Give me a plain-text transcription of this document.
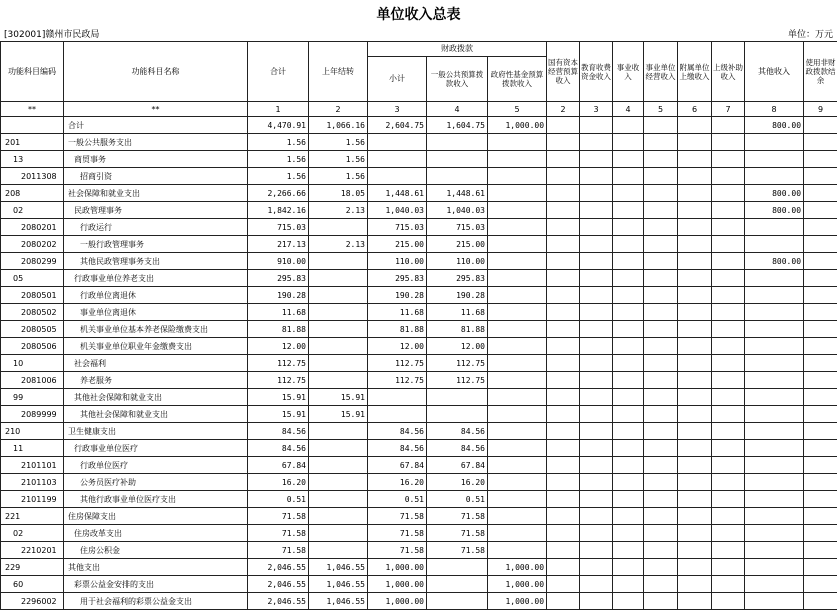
单位收入总表
[302001]赣州市民政局	单位：万元
功能科目编码	功能科目名称	合计	上年结转	财政拨款			国有资本经营预算收入	教育收费资金收入	事业收入	事业单位经营收入	附属单位上缴收入	上级补助收入	其他收入	使用非财政拨款结余
				小计	一般公共预算拨款收入	政府性基金预算拨款收入								
**	**	1	2	3	4	5	2	3	4	5	6	7	8	9
	合计	4,470.91	1,066.16	2,604.75	1,604.75	1,000.00							800.00	
201	一般公共服务支出	1.56	1.56											
13	商贸事务	1.56	1.56											
2011308	招商引资	1.56	1.56											
208	社会保障和就业支出	2,266.66	18.05	1,448.61	1,448.61								800.00	
02	民政管理事务	1,842.16	2.13	1,040.03	1,040.03								800.00	
2080201	行政运行	715.03		715.03	715.03									
2080202	一般行政管理事务	217.13	2.13	215.00	215.00									
2080299	其他民政管理事务支出	910.00		110.00	110.00								800.00	
05	行政事业单位养老支出	295.83		295.83	295.83									
2080501	行政单位离退休	190.28		190.28	190.28									
2080502	事业单位离退休	11.68		11.68	11.68									
2080505	机关事业单位基本养老保险缴费支出	81.88		81.88	81.88									
2080506	机关事业单位职业年金缴费支出	12.00		12.00	12.00									
10	社会福利	112.75		112.75	112.75									
2081006	养老服务	112.75		112.75	112.75									
99	其他社会保障和就业支出	15.91	15.91											
2089999	其他社会保障和就业支出	15.91	15.91											
210	卫生健康支出	84.56		84.56	84.56									
11	行政事业单位医疗	84.56		84.56	84.56									
2101101	行政单位医疗	67.84		67.84	67.84									
2101103	公务员医疗补助	16.20		16.20	16.20									
2101199	其他行政事业单位医疗支出	0.51		0.51	0.51									
221	住房保障支出	71.58		71.58	71.58									
02	住房改革支出	71.58		71.58	71.58									
2210201	住房公积金	71.58		71.58	71.58									
229	其他支出	2,046.55	1,046.55	1,000.00		1,000.00								
60	彩票公益金安排的支出	2,046.55	1,046.55	1,000.00		1,000.00								
2296002	用于社会福利的彩票公益金支出	2,046.55	1,046.55	1,000.00		1,000.00								
